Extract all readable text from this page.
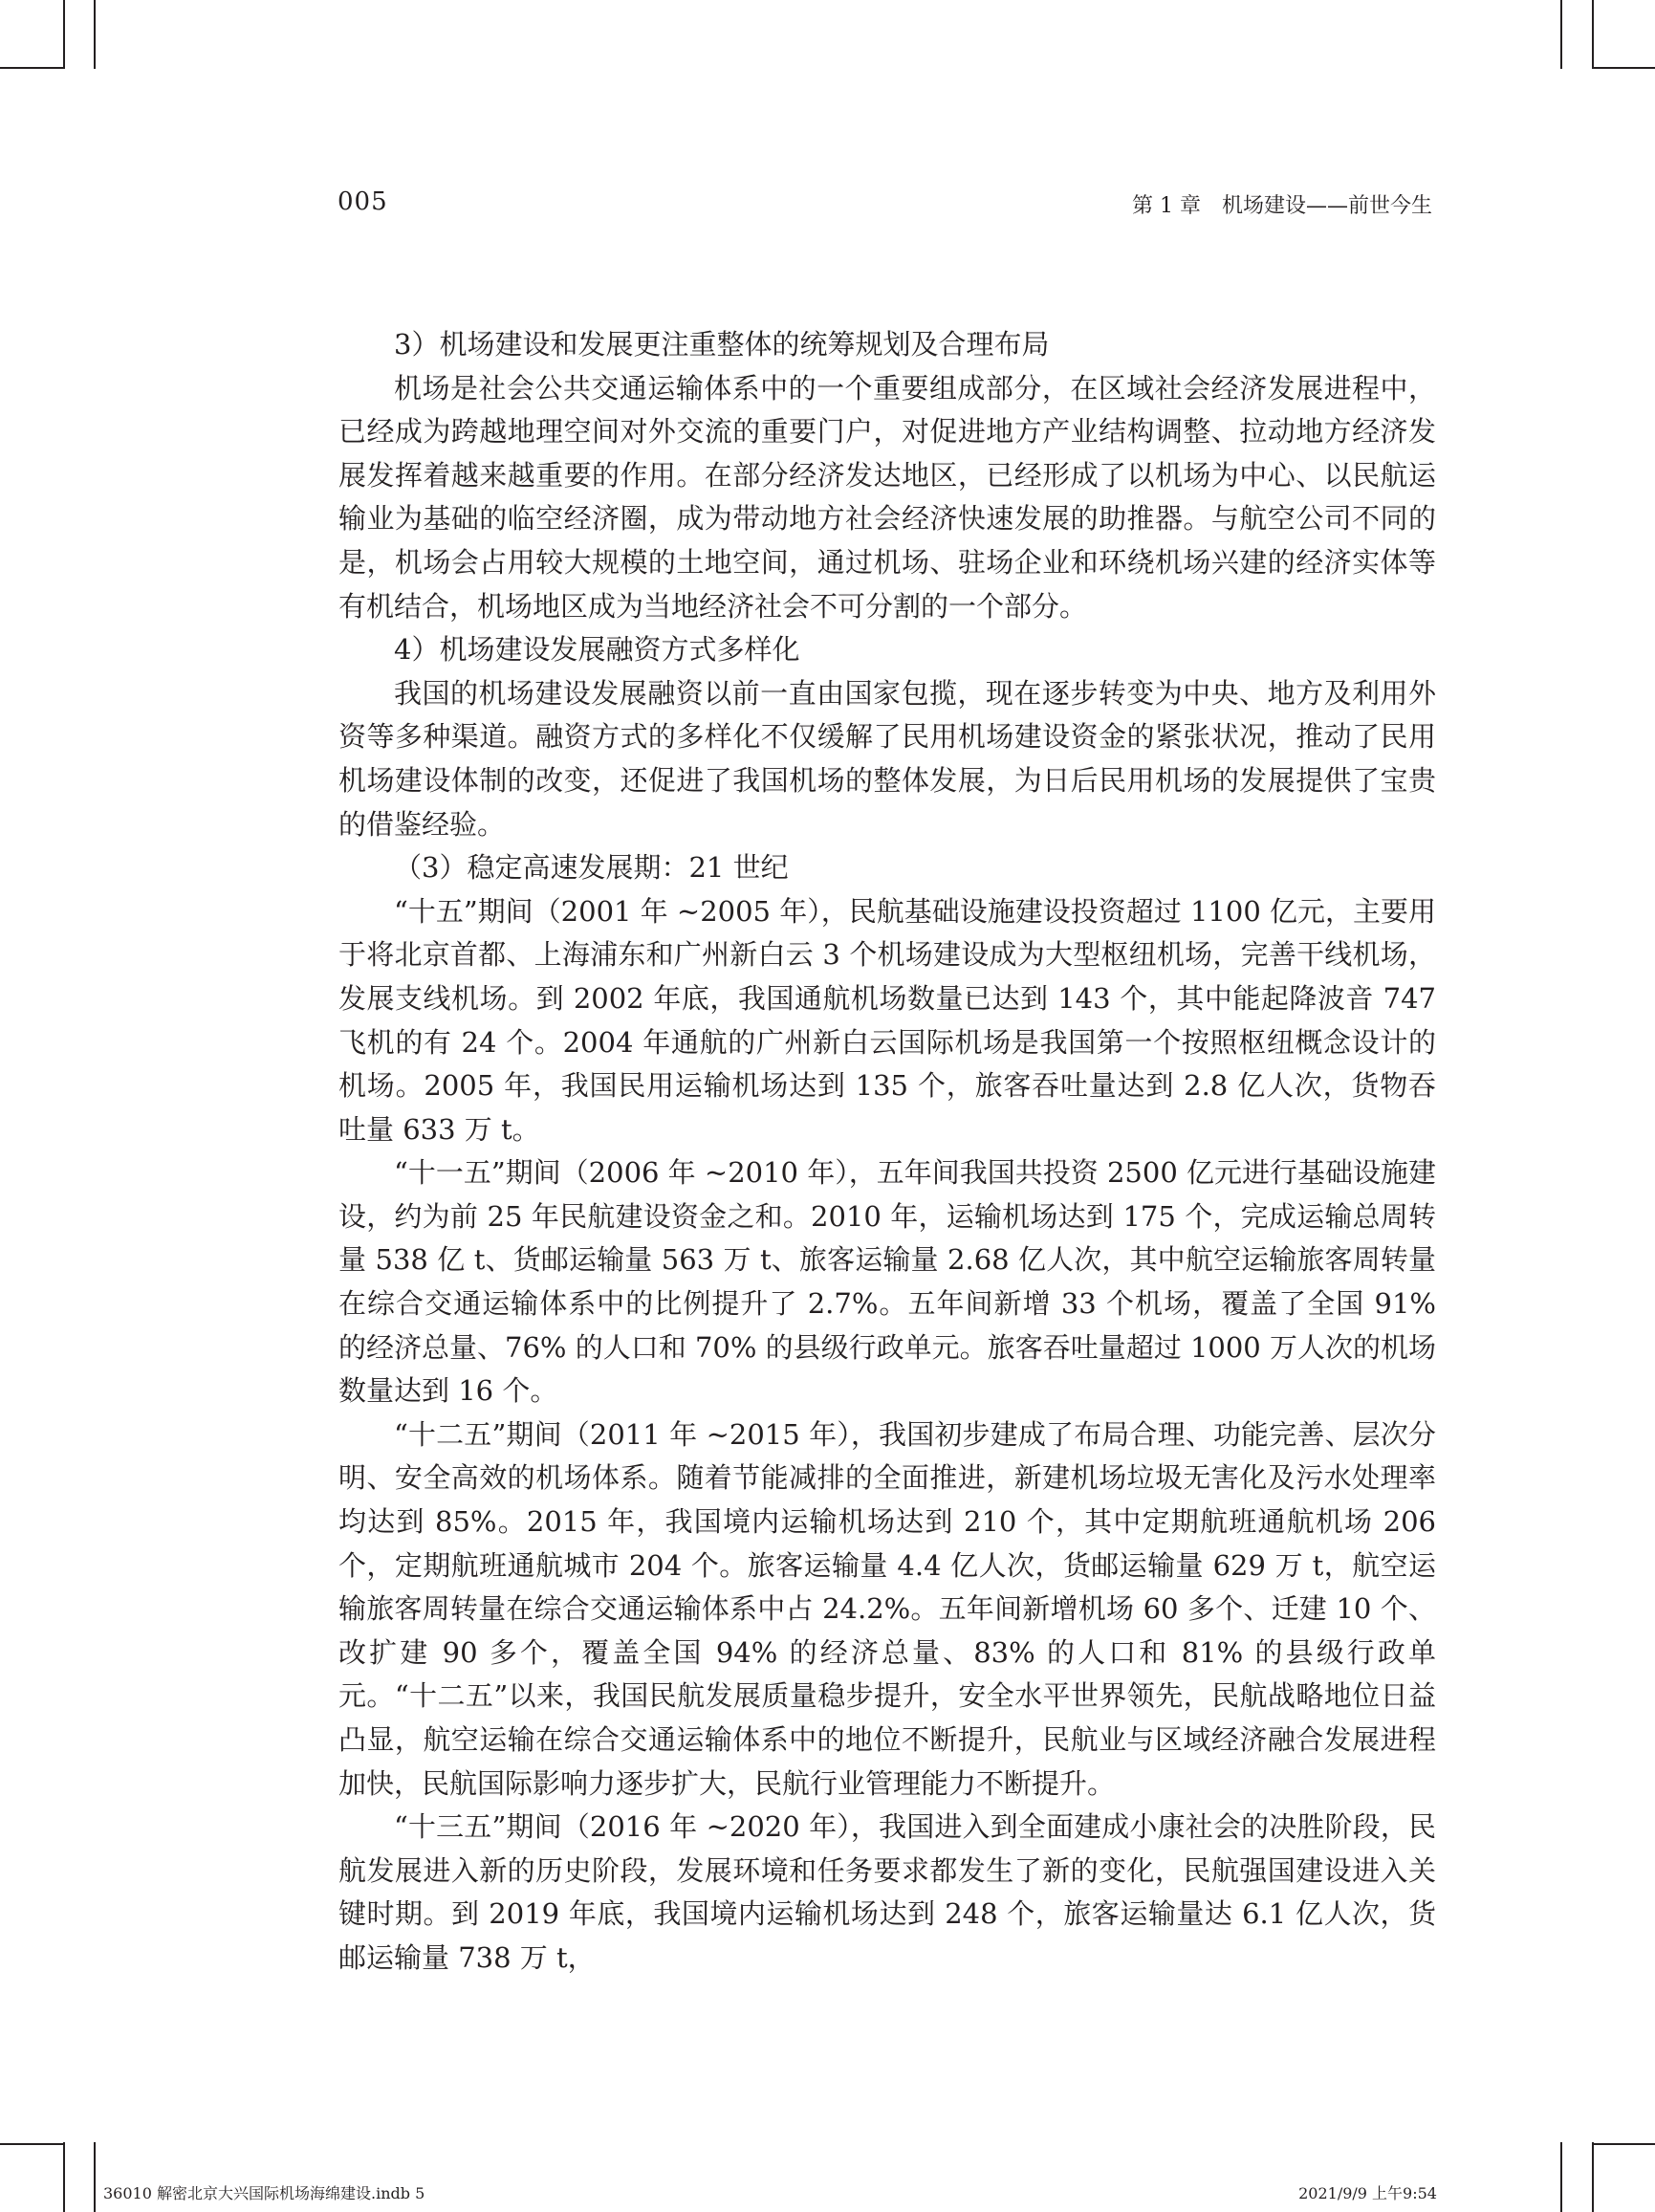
005	第 1 章　机场建设——前世今生

3）机场建设和发展更注重整体的统筹规划及合理布局

机场是社会公共交通运输体系中的一个重要组成部分，在区域社会经济发展进程中，已经成为跨越地理空间对外交流的重要门户，对促进地方产业结构调整、拉动地方经济发展发挥着越来越重要的作用。在部分经济发达地区，已经形成了以机场为中心、以民航运输业为基础的临空经济圈，成为带动地方社会经济快速发展的助推器。与航空公司不同的是，机场会占用较大规模的土地空间，通过机场、驻场企业和环绕机场兴建的经济实体等有机结合，机场地区成为当地经济社会不可分割的一个部分。

4）机场建设发展融资方式多样化

我国的机场建设发展融资以前一直由国家包揽，现在逐步转变为中央、地方及利用外资等多种渠道。融资方式的多样化不仅缓解了民用机场建设资金的紧张状况，推动了民用机场建设体制的改变，还促进了我国机场的整体发展，为日后民用机场的发展提供了宝贵的借鉴经验。

（3）稳定高速发展期：21 世纪

“十五”期间（2001 年 ~2005 年），民航基础设施建设投资超过 1100 亿元，主要用于将北京首都、上海浦东和广州新白云 3 个机场建设成为大型枢纽机场，完善干线机场，发展支线机场。到 2002 年底，我国通航机场数量已达到 143 个，其中能起降波音 747 飞机的有 24 个。2004 年通航的广州新白云国际机场是我国第一个按照枢纽概念设计的机场。2005 年，我国民用运输机场达到 135 个，旅客吞吐量达到 2.8 亿人次，货物吞吐量 633 万 t。

“十一五”期间（2006 年 ~2010 年），五年间我国共投资 2500 亿元进行基础设施建设，约为前 25 年民航建设资金之和。2010 年，运输机场达到 175 个，完成运输总周转量 538 亿 t、货邮运输量 563 万 t、旅客运输量 2.68 亿人次，其中航空运输旅客周转量在综合交通运输体系中的比例提升了 2.7%。五年间新增 33 个机场，覆盖了全国 91% 的经济总量、76% 的人口和 70% 的县级行政单元。旅客吞吐量超过 1000 万人次的机场数量达到 16 个。

“十二五”期间（2011 年 ~2015 年），我国初步建成了布局合理、功能完善、层次分明、安全高效的机场体系。随着节能减排的全面推进，新建机场垃圾无害化及污水处理率均达到 85%。2015 年，我国境内运输机场达到 210 个，其中定期航班通航机场 206 个，定期航班通航城市 204 个。旅客运输量 4.4 亿人次，货邮运输量 629 万 t，航空运输旅客周转量在综合交通运输体系中占 24.2%。五年间新增机场 60 多个、迁建 10 个、改扩建 90 多个，覆盖全国 94% 的经济总量、83% 的人口和 81% 的县级行政单元。“十二五”以来，我国民航发展质量稳步提升，安全水平世界领先，民航战略地位日益凸显，航空运输在综合交通运输体系中的地位不断提升，民航业与区域经济融合发展进程加快，民航国际影响力逐步扩大，民航行业管理能力不断提升。

“十三五”期间（2016 年 ~2020 年），我国进入到全面建成小康社会的决胜阶段，民航发展进入新的历史阶段，发展环境和任务要求都发生了新的变化，民航强国建设进入关键时期。到 2019 年底，我国境内运输机场达到 248 个，旅客运输量达 6.1 亿人次，货邮运输量 738 万 t，

36010 解密北京大兴国际机场海绵建设.indb 5	2021/9/9 上午9:54
